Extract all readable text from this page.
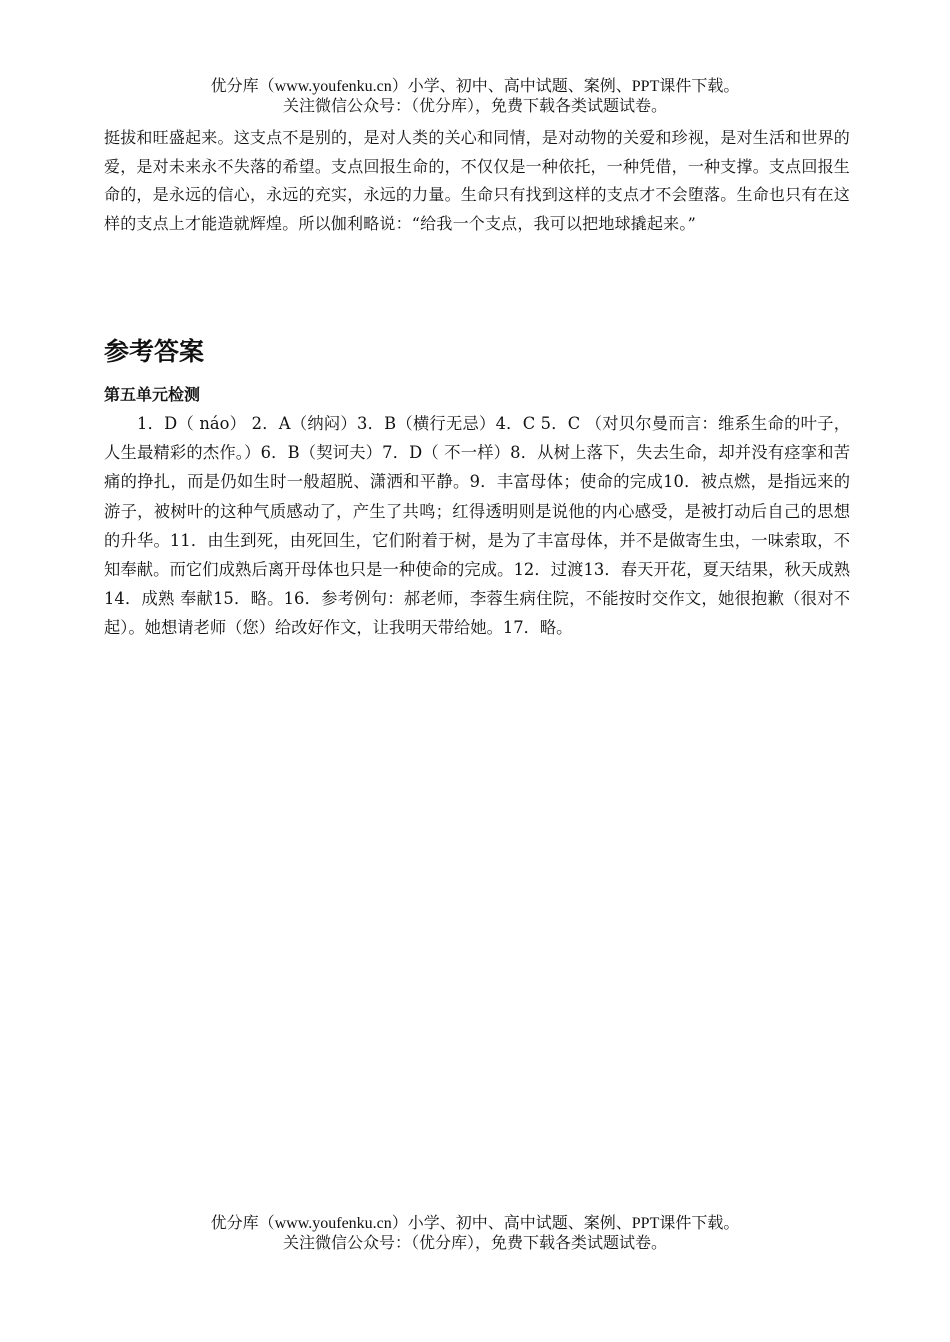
优分库（www.youfenku.cn）小学、初中、高中试题、案例、PPT课件下载。
关注微信公众号：（优分库），免费下载各类试题试卷。
挺拔和旺盛起来。这支点不是别的，是对人类的关心和同情，是对动物的关爱和珍视，是对生活和世界的爱，是对未来永不失落的希望。支点回报生命的，不仅仅是一种依托，一种凭借，一种支撑。支点回报生命的，是永远的信心，永远的充实，永远的力量。生命只有找到这样的支点才不会堕落。生命也只有在这样的支点上才能造就辉煌。所以伽利略说：“给我一个支点，我可以把地球撬起来。”
参考答案
第五单元检测

1．D（ náo） 2．A（纳闷）3．B（横行无忌）4．C 5．C （对贝尔曼而言：维系生命的叶子，人生最精彩的杰作。）6．B（契诃夫）7．D（ 不一样）8．从树上落下，失去生命，却并没有痉挛和苦痛的挣扎，而是仍如生时一般超脱、潇洒和平静。9．丰富母体；使命的完成10．被点燃，是指远来的游子，被树叶的这种气质感动了，产生了共鸣；红得透明则是说他的内心感受，是被打动后自己的思想的升华。11．由生到死，由死回生，它们附着于树，是为了丰富母体，并不是做寄生虫，一味索取，不知奉献。而它们成熟后离开母体也只是一种使命的完成。12．过渡13．春天开花，夏天结果，秋天成熟14．成熟 奉献15．略。16．参考例句：郝老师，李蓉生病住院，不能按时交作文，她很抱歉（很对不起）。她想请老师（您）给改好作文，让我明天带给她。17．略。

优分库（www.youfenku.cn）小学、初中、高中试题、案例、PPT课件下载。
关注微信公众号：（优分库），免费下载各类试题试卷。
